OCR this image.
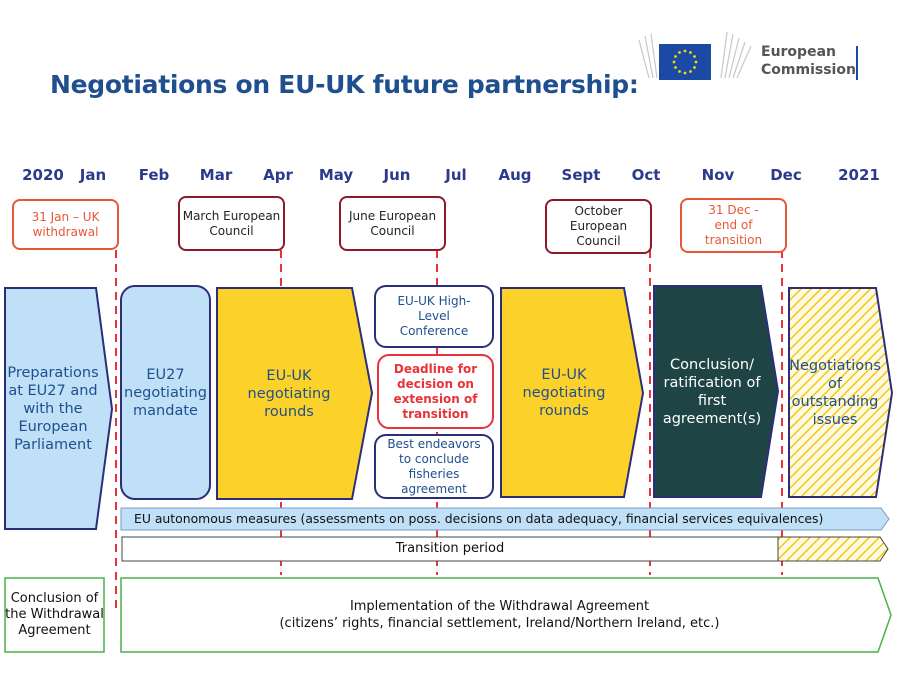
Negotiations on EU-UK future partnership:
European
Commission
2020 Jan Feb Mar Apr May Jun Jul Aug Sept Oct	Nov Dec 2021
31 Jan – UK withdrawal
March European Council
June European Council
October European Council
31 Dec - end of transition
Preparations at EU27 and with the European Parliament
EU27 negotiating mandate
EU-UK negotiating rounds
EU-UK negotiating rounds
Conclusion/ ratification of first agreement(s)
Negotiations of outstanding issues
EU-UK High-Level Conference
Deadline for decision on extension of transition
Best endeavors to conclude fisheries agreement
EU autonomous measures (assessments on poss. decisions on data adequacy, financial services equivalences)
Transition period
Conclusion of the Withdrawal Agreement
Implementation of the Withdrawal Agreement
(citizens’ rights, financial settlement, Ireland/Northern Ireland, etc.)
